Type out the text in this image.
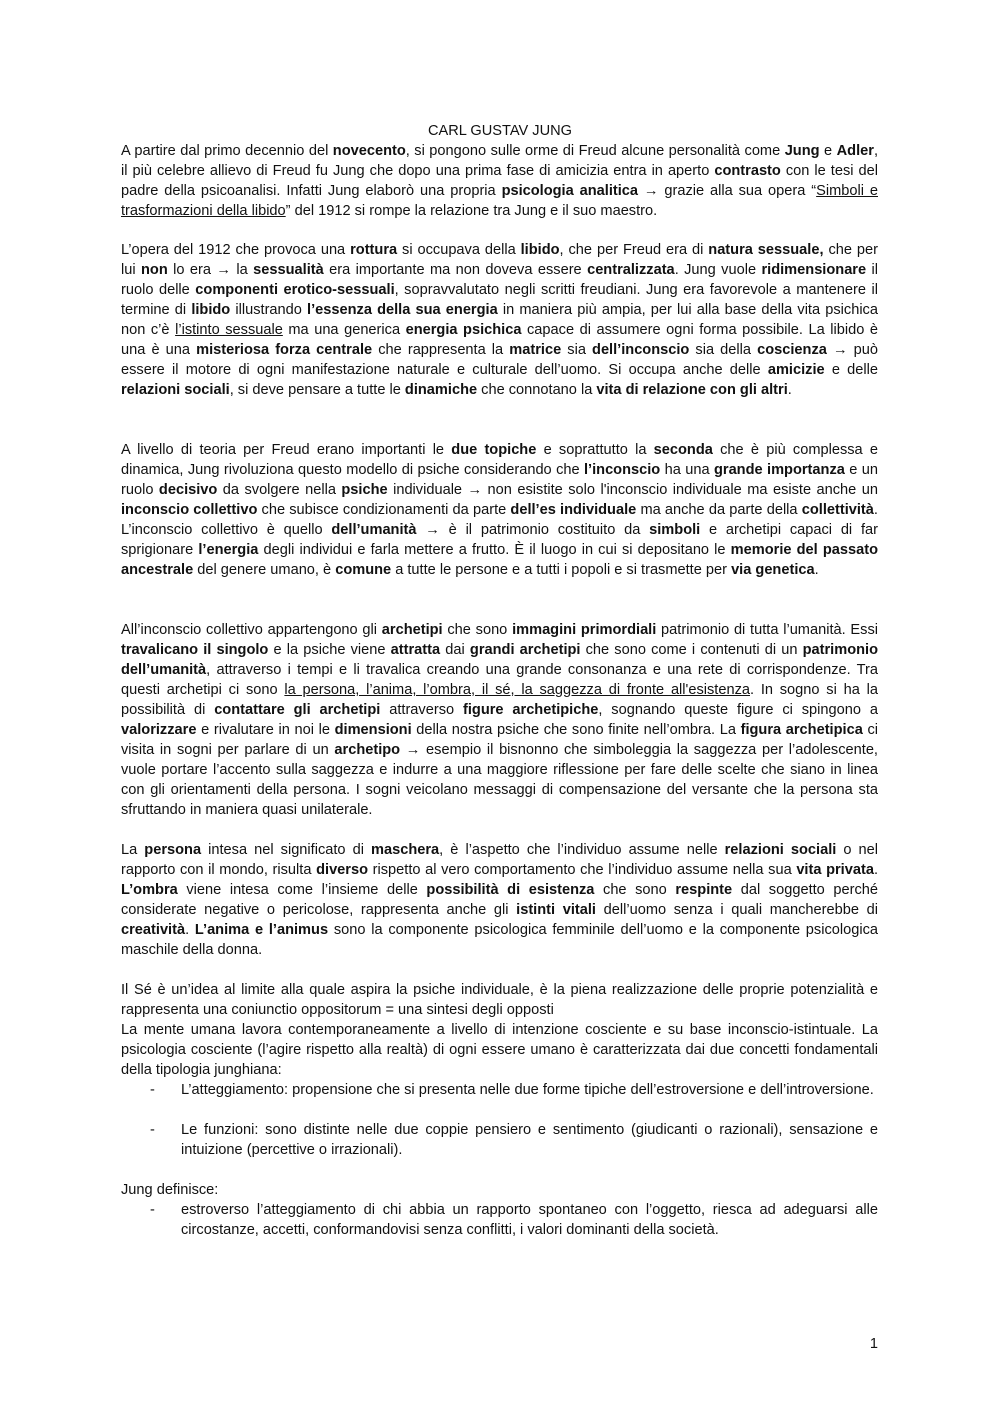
CARL GUSTAV JUNG

A partire dal primo decennio del novecento, si pongono sulle orme di Freud alcune personalità come Jung e Adler, il più celebre allievo di Freud fu Jung che dopo una prima fase di amicizia entra in aperto contrasto con le tesi del padre della psicoanalisi. Infatti Jung elaborò una propria psicologia analitica → grazie alla sua opera “Simboli e trasformazioni della libido” del 1912 si rompe la relazione tra Jung e il suo maestro.

L’opera del 1912 che provoca una rottura si occupava della libido, che per Freud era di natura sessuale, che per lui non lo era → la sessualità era importante ma non doveva essere centralizzata. Jung vuole ridimensionare il ruolo delle componenti erotico-sessuali, sopravvalutato negli scritti freudiani. Jung era favorevole a mantenere il termine di libido illustrando l’essenza della sua energia in maniera più ampia, per lui alla base della vita psichica non c’è l’istinto sessuale ma una generica energia psichica capace di assumere ogni forma possibile. La libido è una è una misteriosa forza centrale che rappresenta la matrice sia dell’inconscio sia della coscienza → può essere il motore di ogni manifestazione naturale e culturale dell’uomo. Si occupa anche delle amicizie e delle relazioni sociali, si deve pensare a tutte le dinamiche che connotano la vita di relazione con gli altri.

A livello di teoria per Freud erano importanti le due topiche e soprattutto la seconda che è più complessa e dinamica, Jung rivoluziona questo modello di psiche considerando che l’inconscio ha una grande importanza e un ruolo decisivo da svolgere nella psiche individuale → non esistite solo l'inconscio individuale ma esiste anche un inconscio collettivo che subisce condizionamenti da parte dell’es individuale ma anche da parte della collettività. L’inconscio collettivo è quello dell’umanità → è il patrimonio costituito da simboli e archetipi capaci di far sprigionare l’energia degli individui e farla mettere a frutto. È il luogo in cui si depositano le memorie del passato ancestrale del genere umano, è comune a tutte le persone e a tutti i popoli e si trasmette per via genetica.

All’inconscio collettivo appartengono gli archetipi che sono immagini primordiali patrimonio di tutta l’umanità. Essi travalicano il singolo e la psiche viene attratta dai grandi archetipi che sono come i contenuti di un patrimonio dell’umanità, attraverso i tempi e li travalica creando una grande consonanza e una rete di corrispondenze. Tra questi archetipi ci sono la persona, l’anima, l’ombra, il sé, la saggezza di fronte all'esistenza. In sogno si ha la possibilità di contattare gli archetipi attraverso figure archetipiche, sognando queste figure ci spingono a valorizzare e rivalutare in noi le dimensioni della nostra psiche che sono finite nell’ombra. La figura archetipica ci visita in sogni per parlare di un archetipo → esempio il bisnonno che simboleggia la saggezza per l’adolescente, vuole portare l’accento sulla saggezza e indurre a una maggiore riflessione per fare delle scelte che siano in linea con gli orientamenti della persona. I sogni veicolano messaggi di compensazione del versante che la persona sta sfruttando in maniera quasi unilaterale.

La persona intesa nel significato di maschera, è l’aspetto che l’individuo assume nelle relazioni sociali o nel rapporto con il mondo, risulta diverso rispetto al vero comportamento che l’individuo assume nella sua vita privata. L’ombra viene intesa come l’insieme delle possibilità di esistenza che sono respinte dal soggetto perché considerate negative o pericolose, rappresenta anche gli istinti vitali dell’uomo senza i quali mancherebbe di creatività. L’anima e l’animus sono la componente psicologica femminile dell’uomo e la componente psicologica maschile della donna.

Il Sé è un’idea al limite alla quale aspira la psiche individuale, è la piena realizzazione delle proprie potenzialità e rappresenta una coniunctio oppositorum = una sintesi degli opposti

La mente umana lavora contemporaneamente a livello di intenzione cosciente e su base inconscio-istintuale. La psicologia cosciente (l’agire rispetto alla realtà) di ogni essere umano è caratterizzata dai due concetti fondamentali della tipologia junghiana:

- L’atteggiamento: propensione che si presenta nelle due forme tipiche dell’estroversione e dell’introversione.
- Le funzioni: sono distinte nelle due coppie pensiero e sentimento (giudicanti o razionali), sensazione e intuizione (percettive o irrazionali).

Jung definisce:

- estroverso l’atteggiamento di chi abbia un rapporto spontaneo con l’oggetto, riesca ad adeguarsi alle circostanze, accetti, conformandovisi senza conflitti, i valori dominanti della società.
1
